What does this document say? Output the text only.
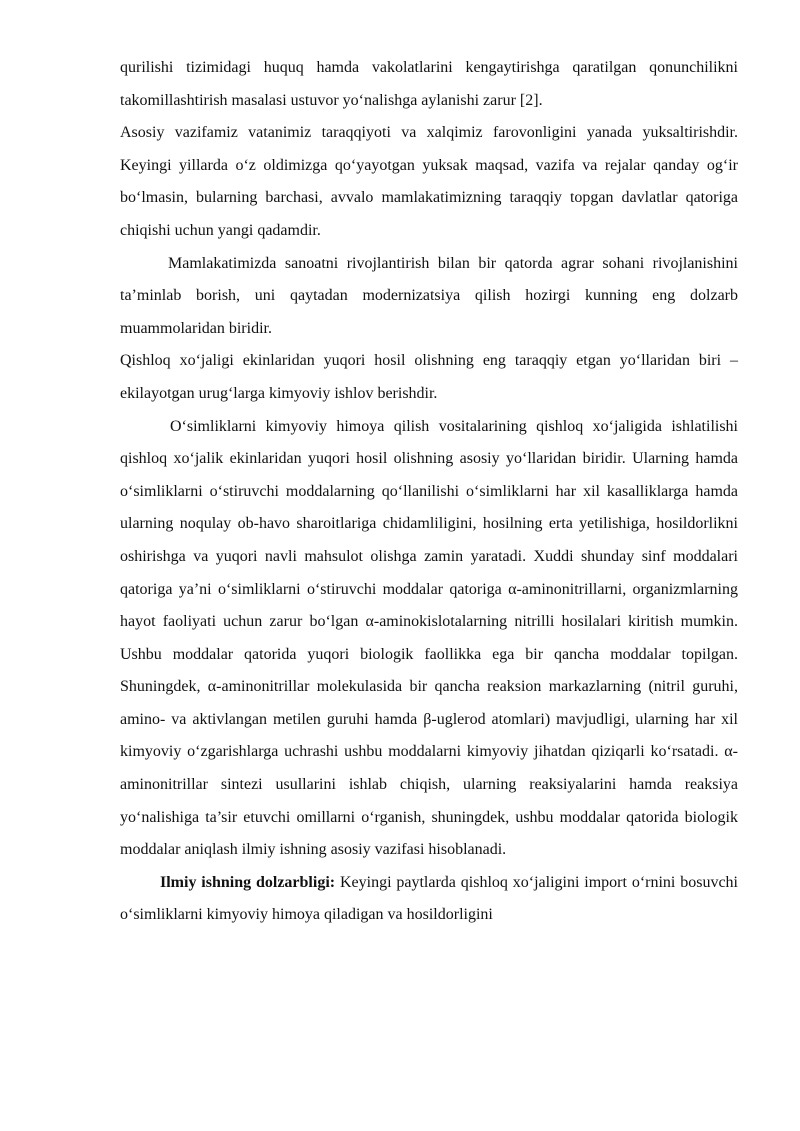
qurilishi tizimidagi huquq hamda vakolatlarini kengaytirishga qaratilgan qonunchilikni takomillashtirish masalasi ustuvor yo‘nalishga aylanishi zarur [2].

Asosiy vazifamiz vatanimiz taraqqiyoti va xalqimiz farovonligini yanada yuksaltirishdir. Keyingi yillarda o‘z oldimizga qo‘yayotgan yuksak maqsad, vazifa va rejalar qanday og‘ir bo‘lmasin, bularning barchasi, avvalo mamlakatimizning taraqqiy topgan davlatlar qatoriga chiqishi uchun yangi qadamdir.

Mamlakatimizda sanoatni rivojlantirish bilan bir qatorda agrar sohani rivojlanishini ta’minlab borish, uni qaytadan modernizatsiya qilish hozirgi kunning eng dolzarb muammolaridan biridir.

Qishloq xo‘jaligi ekinlaridan yuqori hosil olishning eng taraqqiy etgan yo‘llaridan biri – ekilayotgan urug‘larga kimyoviy ishlov berishdir.

O‘simliklarni kimyoviy himoya qilish vositalarining qishloq xo‘jaligida ishlatilishi qishloq xo‘jalik ekinlaridan yuqori hosil olishning asosiy yo‘llaridan biridir. Ularning hamda o‘simliklarni o‘stiruvchi moddalarning qo‘llanilishi o‘simliklarni har xil kasalliklarga hamda ularning noqulay ob-havo sharoitlariga chidamliligini, hosilning erta yetilishiga, hosildorlikni oshirishga va yuqori navli mahsulot olishga zamin yaratadi. Xuddi shunday sinf moddalari qatoriga ya’ni o‘simliklarni o‘stiruvchi moddalar qatoriga α-aminonitrillarni, organizmlarning hayot faoliyati uchun zarur bo‘lgan α-aminokislotalarning nitrilli hosilalari kiritish mumkin. Ushbu moddalar qatorida yuqori biologik faollikka ega bir qancha moddalar topilgan. Shuningdek, α-aminonitrillar molekulasida bir qancha reaksion markazlarning (nitril guruhi, amino- va aktivlangan metilen guruhi hamda β-uglerod atomlari) mavjudligi, ularning har xil kimyoviy o‘zgarishlarga uchrashi ushbu moddalarni kimyoviy jihatdan qiziqarli ko‘rsatadi. α-aminonitrillar sintezi usullarini ishlab chiqish, ularning reaksiyalarini hamda reaksiya yo‘nalishiga ta’sir etuvchi omillarni o‘rganish, shuningdek, ushbu moddalar qatorida biologik moddalar aniqlash ilmiy ishning asosiy vazifasi hisoblanadi.

Ilmiy ishning dolzarbligi: Keyingi paytlarda qishloq xo‘jaligini import o‘rnini bosuvchi o‘simliklarni kimyoviy himoya qiladigan va hosildorligini
